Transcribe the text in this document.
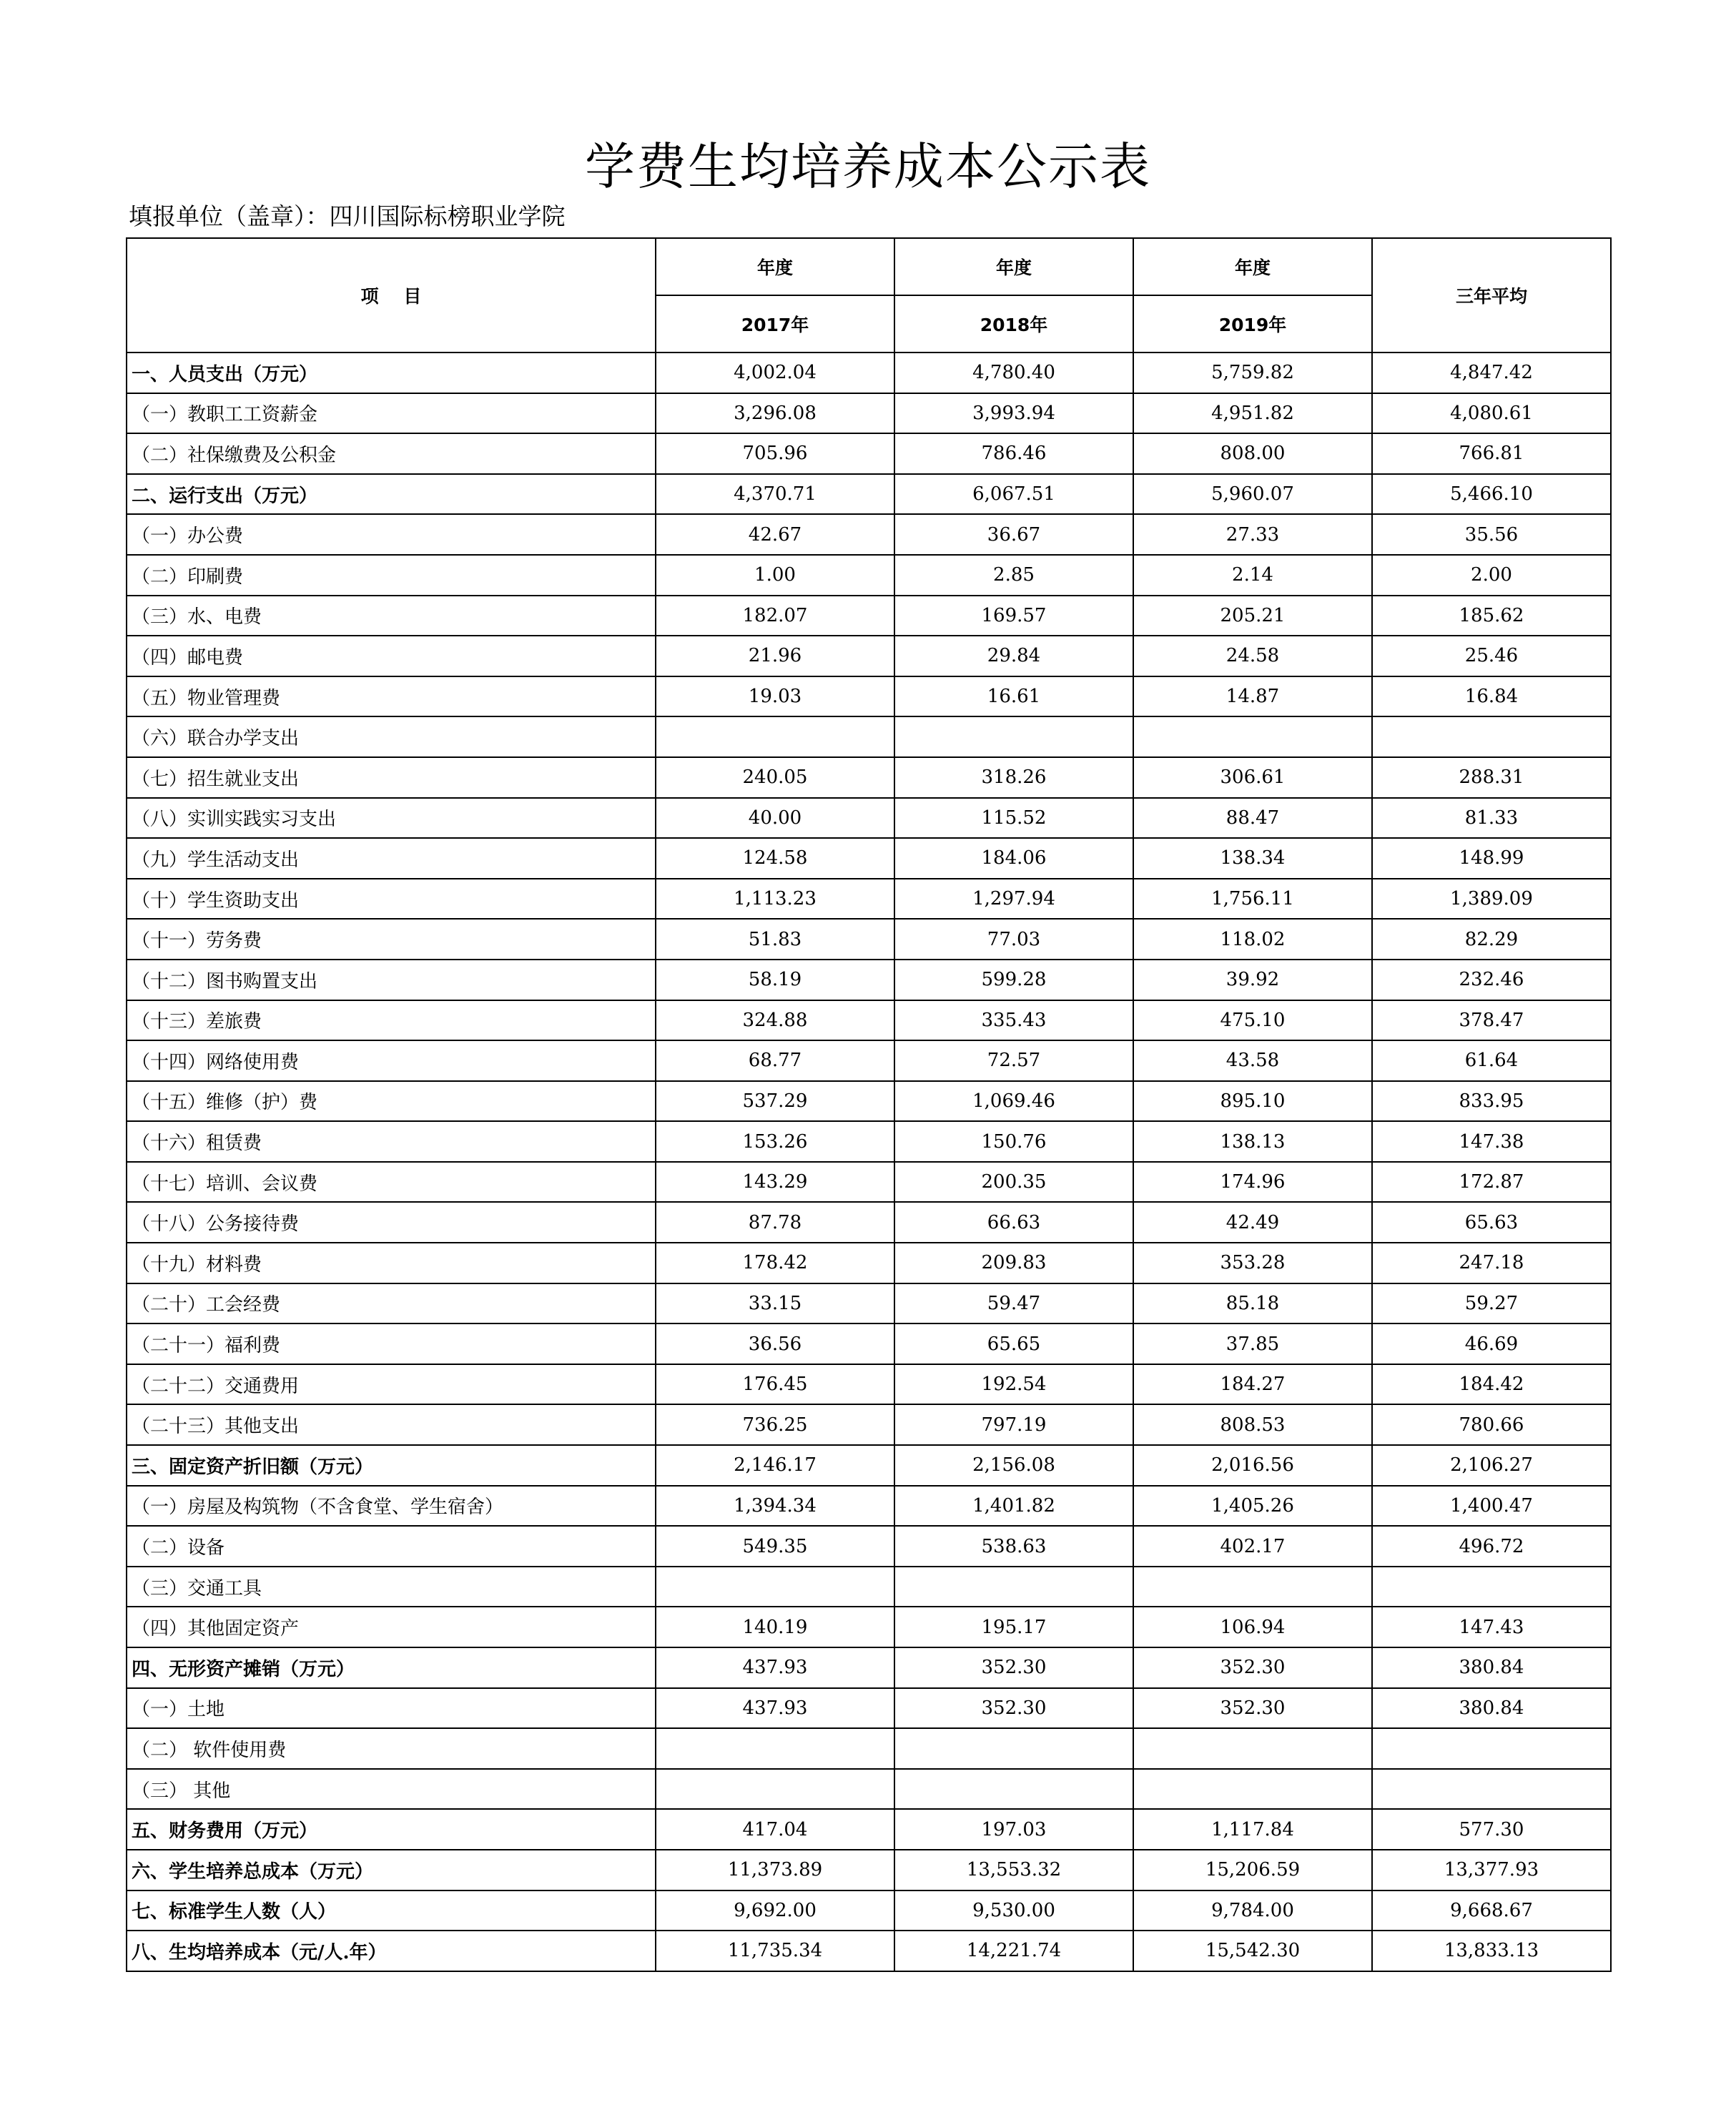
学费生均培养成本公示表
填报单位（盖章）：四川国际标榜职业学院
项    目	年度	年度	年度	三年平均
	2017年	2018年	2019年	
一、人员支出（万元）	4,002.04	4,780.40	5,759.82	4,847.42
（一）教职工工资薪金	3,296.08	3,993.94	4,951.82	4,080.61
（二）社保缴费及公积金	705.96	786.46	808.00	766.81
二、运行支出（万元）	4,370.71	6,067.51	5,960.07	5,466.10
（一）办公费	42.67	36.67	27.33	35.56
（二）印刷费	1.00	2.85	2.14	2.00
（三）水、电费	182.07	169.57	205.21	185.62
（四）邮电费	21.96	29.84	24.58	25.46
（五）物业管理费	19.03	16.61	14.87	16.84
（六）联合办学支出				
（七）招生就业支出	240.05	318.26	306.61	288.31
（八）实训实践实习支出	40.00	115.52	88.47	81.33
（九）学生活动支出	124.58	184.06	138.34	148.99
（十）学生资助支出	1,113.23	1,297.94	1,756.11	1,389.09
（十一）劳务费	51.83	77.03	118.02	82.29
（十二）图书购置支出	58.19	599.28	39.92	232.46
（十三）差旅费	324.88	335.43	475.10	378.47
（十四）网络使用费	68.77	72.57	43.58	61.64
（十五）维修（护）费	537.29	1,069.46	895.10	833.95
（十六）租赁费	153.26	150.76	138.13	147.38
（十七）培训、会议费	143.29	200.35	174.96	172.87
（十八）公务接待费	87.78	66.63	42.49	65.63
（十九）材料费	178.42	209.83	353.28	247.18
（二十）工会经费	33.15	59.47	85.18	59.27
（二十一）福利费	36.56	65.65	37.85	46.69
（二十二）交通费用	176.45	192.54	184.27	184.42
（二十三）其他支出	736.25	797.19	808.53	780.66
三、固定资产折旧额（万元）	2,146.17	2,156.08	2,016.56	2,106.27
（一）房屋及构筑物（不含食堂、学生宿舍）	1,394.34	1,401.82	1,405.26	1,400.47
（二）设备	549.35	538.63	402.17	496.72
（三）交通工具				
（四）其他固定资产	140.19	195.17	106.94	147.43
四、无形资产摊销（万元）	437.93	352.30	352.30	380.84
（一）土地	437.93	352.30	352.30	380.84
（二） 软件使用费				
（三） 其他				
五、财务费用（万元）	417.04	197.03	1,117.84	577.30
六、学生培养总成本（万元）	11,373.89	13,553.32	15,206.59	13,377.93
七、标准学生人数（人）	9,692.00	9,530.00	9,784.00	9,668.67
八、生均培养成本（元/人.年）	11,735.34	14,221.74	15,542.30	13,833.13
